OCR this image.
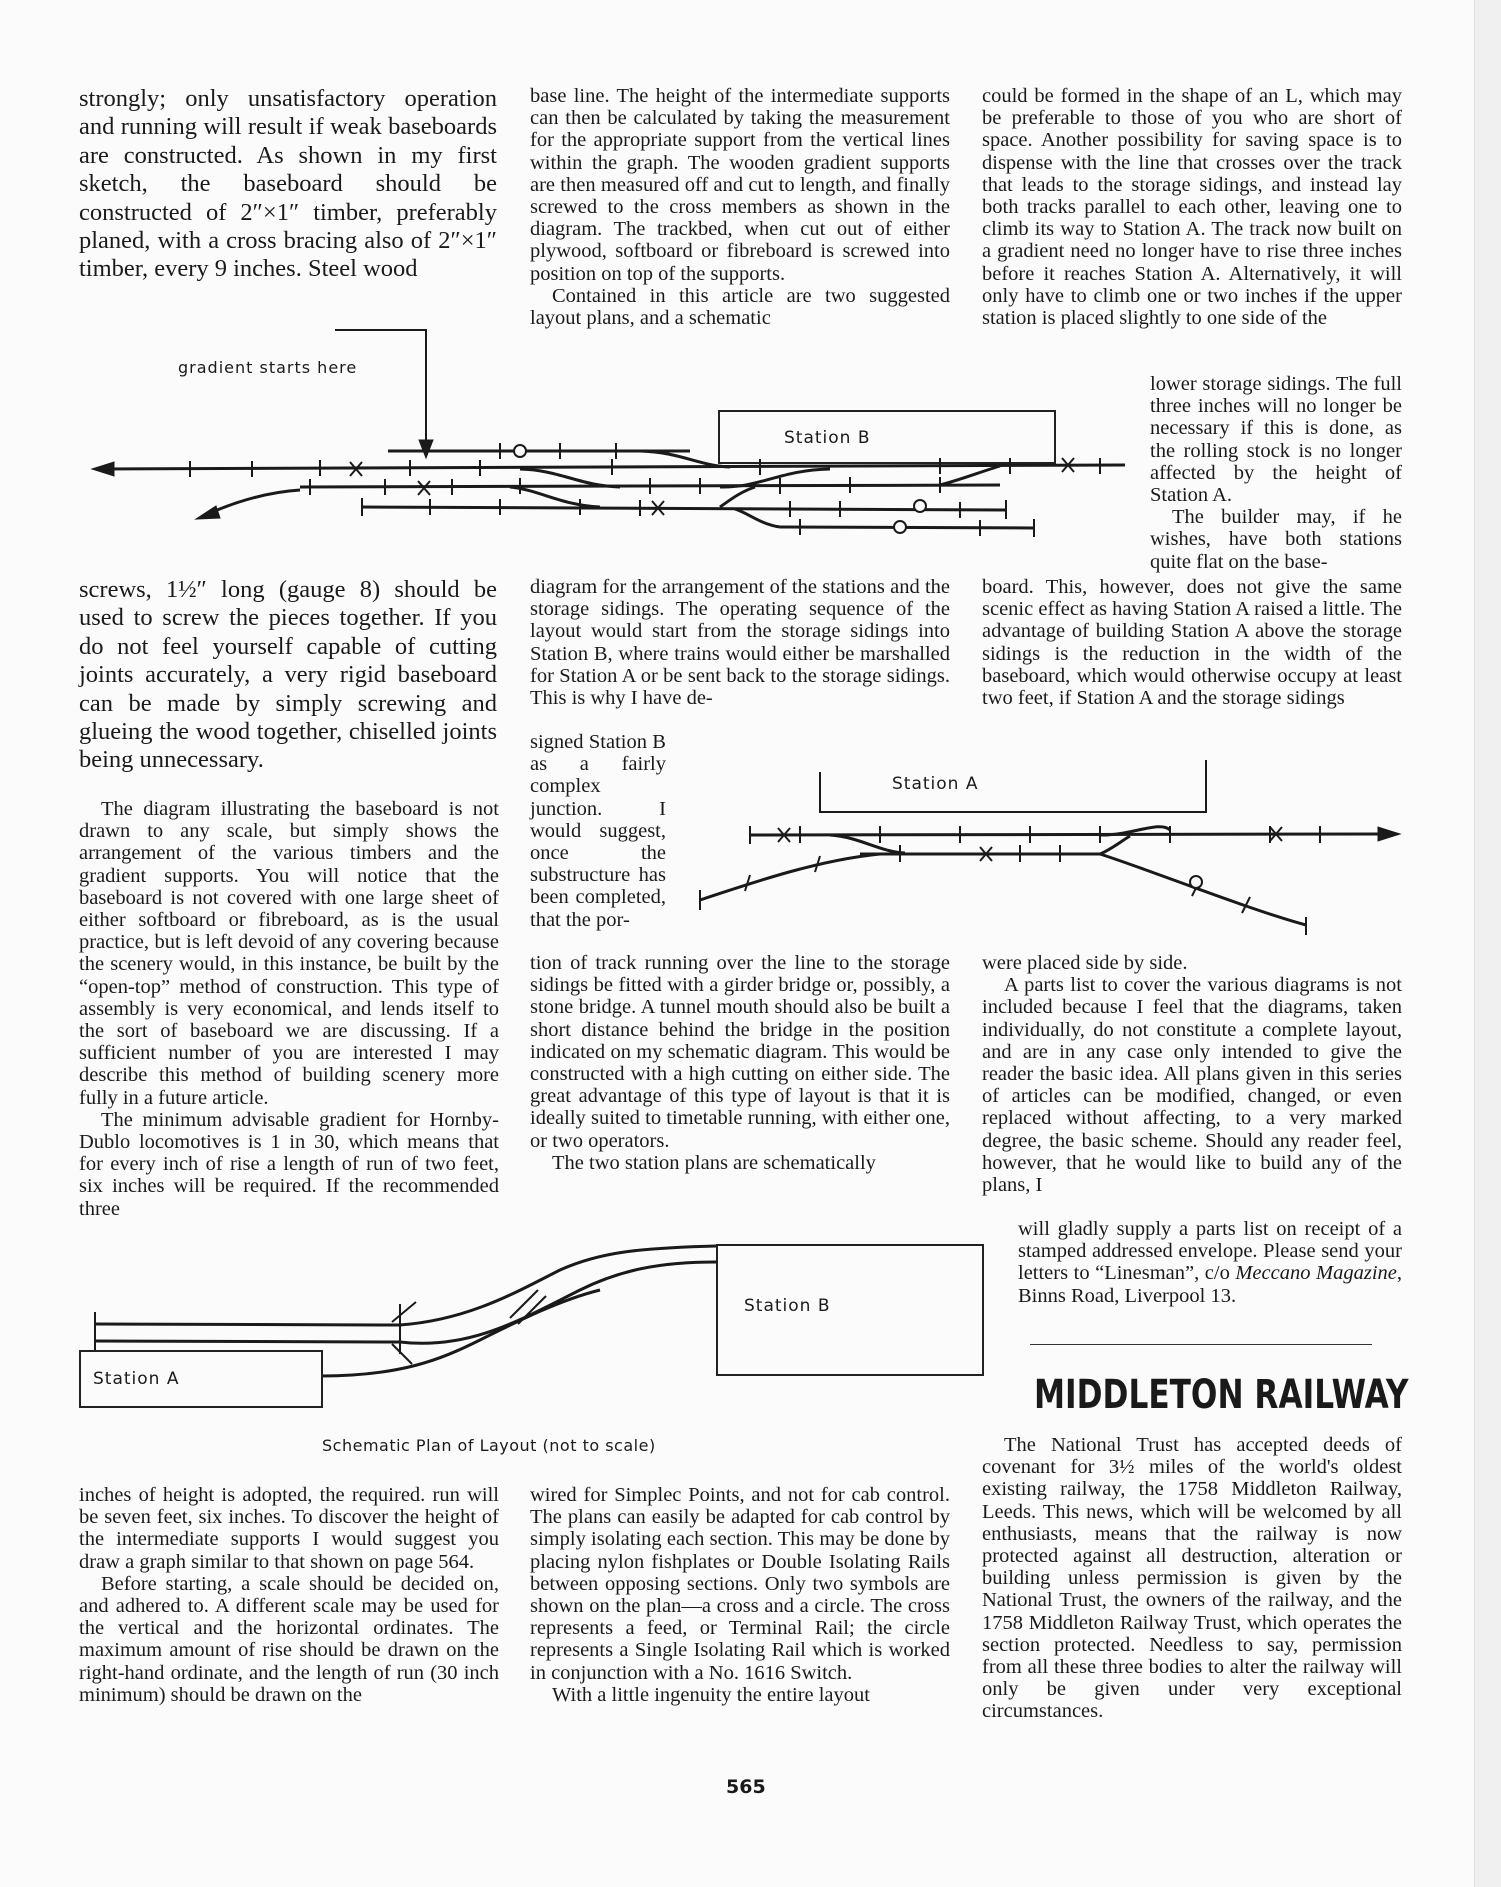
strongly; only unsatisfactory operation and running will result if weak baseboards are constructed. As shown in my first sketch, the baseboard should be constructed of 2″×1″ timber, preferably planed, with a cross bracing also of 2″×1″ timber, every 9 inches. Steel wood

screws, 1½″ long (gauge 8) should be used to screw the pieces together. If you do not feel yourself capable of cutting joints accurately, a very rigid baseboard can be made by simply screwing and glueing the wood together, chiselled joints being unnecessary.

The diagram illustrating the baseboard is not drawn to any scale, but simply shows the arrangement of the various timbers and the gradient supports. You will notice that the baseboard is not covered with one large sheet of either softboard or fibreboard, as is the usual practice, but is left devoid of any covering because the scenery would, in this instance, be built by the “open-top” method of construction. This type of assembly is very economical, and lends itself to the sort of baseboard we are discussing. If a sufficient number of you are interested I may describe this method of building scenery more fully in a future article.

The minimum advisable gradient for Hornby-Dublo locomotives is 1 in 30, which means that for every inch of rise a length of run of two feet, six inches will be required. If the recommended three

inches of height is adopted, the required. run will be seven feet, six inches. To discover the height of the intermediate supports I would suggest you draw a graph similar to that shown on page 564.

Before starting, a scale should be decided on, and adhered to. A different scale may be used for the vertical and the horizontal ordinates. The maximum amount of rise should be drawn on the right-hand ordinate, and the length of run (30 inch minimum) should be drawn on the

base line. The height of the intermediate supports can then be calculated by taking the measurement for the appropriate support from the vertical lines within the graph. The wooden gradient supports are then measured off and cut to length, and finally screwed to the cross members as shown in the diagram. The trackbed, when cut out of either plywood, softboard or fibreboard is screwed into position on top of the supports.

Contained in this article are two suggested layout plans, and a schematic

diagram for the arrangement of the stations and the storage sidings. The operating sequence of the layout would start from the storage sidings into Station B, where trains would either be marshalled for Station A or be sent back to the storage sidings. This is why I have de-

signed Station B as a fairly complex junction. I would suggest, once the substructure has been completed, that the por-

tion of track running over the line to the storage sidings be fitted with a girder bridge or, possibly, a stone bridge. A tunnel mouth should also be built a short distance behind the bridge in the position indicated on my schematic diagram. This would be constructed with a high cutting on either side. The great advantage of this type of layout is that it is ideally suited to timetable running, with either one, or two operators.

The two station plans are schematically

wired for Simplec Points, and not for cab control. The plans can easily be adapted for cab control by simply isolating each section. This may be done by placing nylon fishplates or Double Isolating Rails between opposing sections. Only two symbols are shown on the plan—a cross and a circle. The cross represents a feed, or Terminal Rail; the circle represents a Single Isolating Rail which is worked in conjunction with a No. 1616 Switch.

With a little ingenuity the entire layout

could be formed in the shape of an L, which may be preferable to those of you who are short of space. Another possibility for saving space is to dispense with the line that crosses over the track that leads to the storage sidings, and instead lay both tracks parallel to each other, leaving one to climb its way to Station A. The track now built on a gradient need no longer have to rise three inches before it reaches Station A. Alternatively, it will only have to climb one or two inches if the upper station is placed slightly to one side of the

lower storage sidings. The full three inches will no longer be necessary if this is done, as the rolling stock is no longer affected by the height of Station A.

The builder may, if he wishes, have both stations quite flat on the base-

board. This, however, does not give the same scenic effect as having Station A raised a little. The advantage of building Station A above the storage sidings is the reduction in the width of the baseboard, which would otherwise occupy at least two feet, if Station A and the storage sidings

were placed side by side.

A parts list to cover the various diagrams is not included because I feel that the diagrams, taken individually, do not constitute a complete layout, and are in any case only intended to give the reader the basic idea. All plans given in this series of articles can be modified, changed, or even replaced without affecting, to a very marked degree, the basic scheme. Should any reader feel, however, that he would like to build any of the plans, I

will gladly supply a parts list on receipt of a stamped addressed envelope. Please send your letters to “Linesman”, c/o Meccano Magazine, Binns Road, Liverpool 13.

MIDDLETON RAILWAY

The National Trust has accepted deeds of covenant for 3½ miles of the world's oldest existing railway, the 1758 Middleton Railway, Leeds. This news, which will be welcomed by all enthusiasts, means that the railway is now protected against all destruction, alteration or building unless permission is given by the National Trust, the owners of the railway, and the 1758 Middleton Railway Trust, which operates the section protected. Needless to say, permission from all these three bodies to alter the railway will only be given under very exceptional circumstances.

gradient starts here
Station B
Station A
Station B
Station A
Schematic Plan of Layout (not to scale)
565
